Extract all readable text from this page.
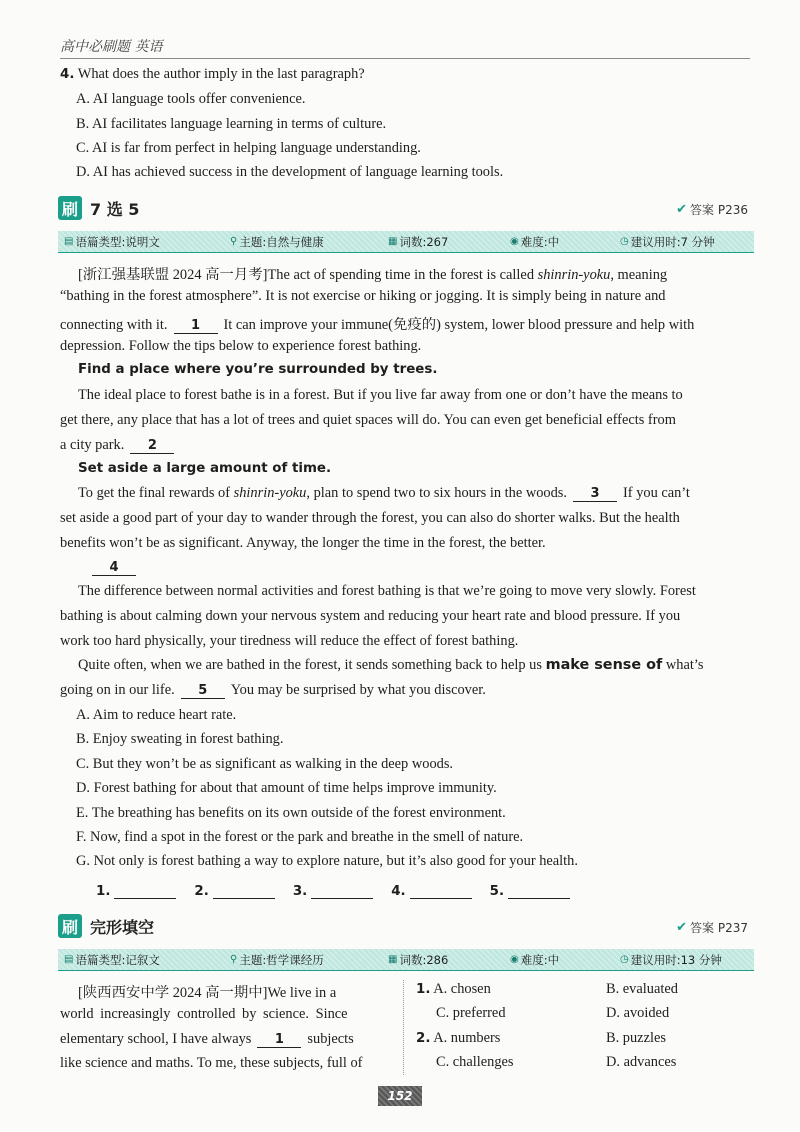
高中必刷题 英语
4. What does the author imply in the last paragraph?
A. AI language tools offer convenience.
B. AI facilitates language learning in terms of culture.
C. AI is far from perfect in helping language understanding.
D. AI has achieved success in the development of language learning tools.
刷 7 选 5	✔ 答案 P236
▤ 语篇类型:说明文	⚲ 主题:自然与健康	▦ 词数:267	◉ 难度:中	◷ 建议用时:7 分钟
[浙江强基联盟 2024 高一月考]The act of spending time in the forest is called shinrin-yoku, meaning
“bathing in the forest atmosphere”. It is not exercise or hiking or jogging. It is simply being in nature and
connecting with it. 1 It can improve your immune(免疫的) system, lower blood pressure and help with
depression. Follow the tips below to experience forest bathing.
Find a place where you’re surrounded by trees.
The ideal place to forest bathe is in a forest. But if you live far away from one or don’t have the means to
get there, any place that has a lot of trees and quiet spaces will do. You can even get beneficial effects from
a city park. 2
Set aside a large amount of time.
To get the final rewards of shinrin-yoku, plan to spend two to six hours in the woods. 3 If you can’t
set aside a good part of your day to wander through the forest, you can also do shorter walks. But the health
benefits won’t be as significant. Anyway, the longer the time in the forest, the better.
4
The difference between normal activities and forest bathing is that we’re going to move very slowly. Forest
bathing is about calming down your nervous system and reducing your heart rate and blood pressure. If you
work too hard physically, your tiredness will reduce the effect of forest bathing.
Quite often, when we are bathed in the forest, it sends something back to help us make sense of what’s
going on in our life. 5 You may be surprised by what you discover.
A. Aim to reduce heart rate.
B. Enjoy sweating in forest bathing.
C. But they won’t be as significant as walking in the deep woods.
D. Forest bathing for about that amount of time helps improve immunity.
E. The breathing has benefits on its own outside of the forest environment.
F. Now, find a spot in the forest or the park and breathe in the smell of nature.
G. Not only is forest bathing a way to explore nature, but it’s also good for your health.
1.	2.	3.	4.	5.
刷 完形填空	✔ 答案 P237
▤ 语篇类型:记叙文	⚲ 主题:哲学课经历	▦ 词数:286	◉ 难度:中	◷ 建议用时:13 分钟
[陕西西安中学 2024 高一期中]We live in a
world increasingly controlled by science. Since
elementary school, I have always 1 subjects
like science and maths. To me, these subjects, full of
1. A. chosen	B. evaluated
C. preferred	D. avoided
2. A. numbers	B. puzzles
C. challenges	D. advances
152
